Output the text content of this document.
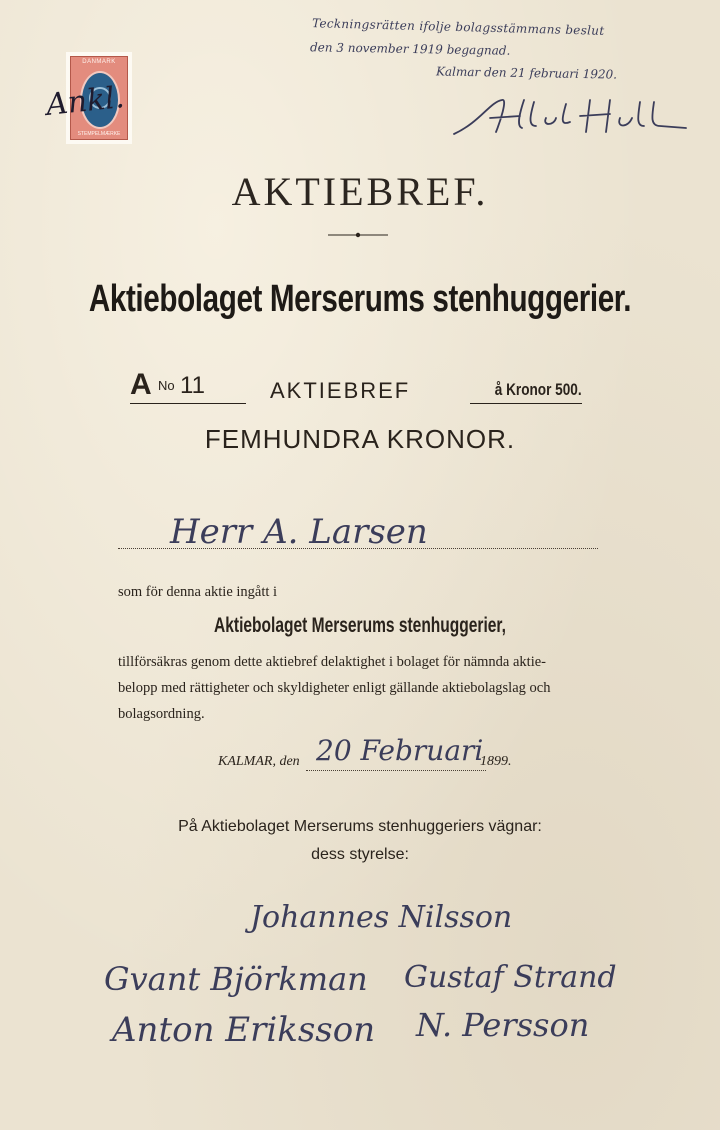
Teckningsrätten ifolje bolagsstämmans beslut
den 3 november 1919 begagnad.
Kalmar den 21 februari 1920.
DANMARK
STEMPELMÆRKE
Ankl.
AKTIEBREF.
Aktiebolaget Merserums stenhuggerier.
A No 11	AKTIEBREF	å Kronor 500.
FEMHUNDRA KRONOR.
Herr A. Larsen
som för denna aktie ingått i
Aktiebolaget Merserums stenhuggerier,
tillförsäkras genom dette aktiebref delaktighet i bolaget för nämnda aktie-
belopp med rättigheter och skyldigheter enligt gällande aktiebolagslag och
bolagsordning.
KALMAR, den 20 Februari
1899.
På Aktiebolaget Merserums stenhuggeriers vägnar:
dess styrelse:
Johannes Nilsson
Gvant Björkman Gustaf Strand
Anton Eriksson N. Persson
